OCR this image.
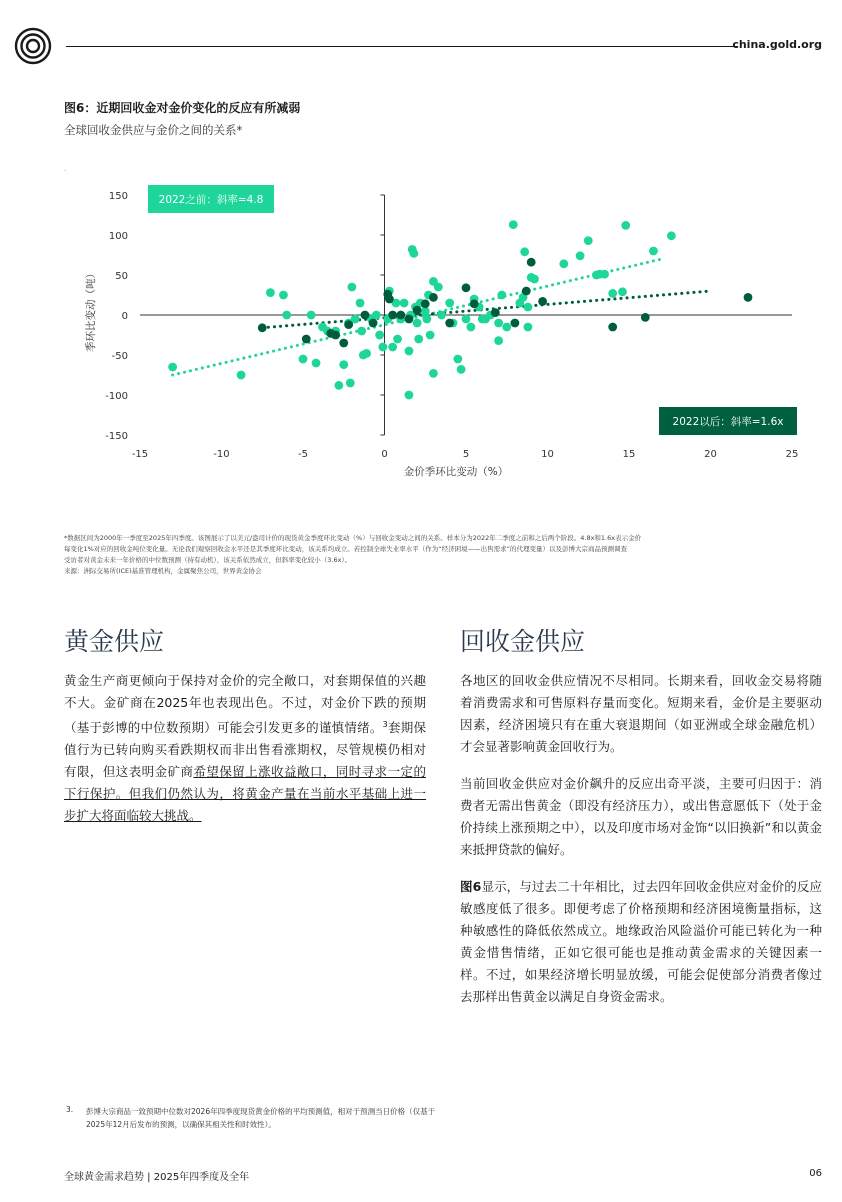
china.gold.org
图6：近期回收金对金价变化的反应有所减弱
全球回收金供应与金价之间的关系*
.
-15	-10	-5	0	5	10	15	20	25
150
100
50
0
-50
-100
-150
金价季环比变动（%）
季环比变动（吨）
2022之前：斜率=4.8
2022以后：斜率=1.6x
*数据区间为2000年一季度至2025年四季度。该图展示了以美元/盎司计价的现货黄金季度环比变动（%）与回收金变动之间的关系。样本分为2022年二季度之前和之后两个阶段。4.8x和1.6x表示金价
每变化1%对应的回收金吨位变化量。无论我们观察回收金水平还是其季度环比变动，该关系均成立。若控制全球失业率水平（作为“经济困境——出售需求”的代理变量）以及彭博大宗商品预测调查
受访者对黄金未来一年价格的中位数预测（持有动机），该关系依然成立，但斜率变化较小（3.6x）。
来源：洲际交易所(ICE)基准管理机构，金属聚焦公司，世界黄金协会
黄金供应

黄金生产商更倾向于保持对金价的完全敞口，对套期保值的兴趣不大。金矿商在2025年也表现出色。不过，对金价下跌的预期（基于彭博的中位数预期）可能会引发更多的谨慎情绪。$^3$套期保值行为已转向购买看跌期权而非出售看涨期权，尽管规模仍相对有限，但这表明金矿商希望保留上涨收益敞口，同时寻求一定的下行保护。但我们仍然认为，将黄金产量在当前水平基础上进一步扩大将面临较大挑战。

回收金供应

各地区的回收金供应情况不尽相同。长期来看，回收金交易将随着消费需求和可售原料存量而变化。短期来看，金价是主要驱动因素，经济困境只有在重大衰退期间（如亚洲或全球金融危机）才会显著影响黄金回收行为。

当前回收金供应对金价飙升的反应出奇平淡，主要可归因于：消费者无需出售黄金（即没有经济压力），或出售意愿低下（处于金价持续上涨预期之中），以及印度市场对金饰“以旧换新”和以黄金来抵押贷款的偏好。

图6显示，与过去二十年相比，过去四年回收金供应对金价的反应敏感度低了很多。即便考虑了价格预期和经济困境衡量指标，这种敏感性的降低依然成立。地缘政治风险溢价可能已转化为一种黄金惜售情绪，正如它很可能也是推动黄金需求的关键因素一样。不过，如果经济增长明显放缓，可能会促使部分消费者像过去那样出售黄金以满足自身资金需求。

3. 彭博大宗商品一致预期中位数对2026年四季度现货黄金价格的平均预测值，相对于预测当日价格（仅基于2025年12月后发布的预测，以确保其相关性和时效性）。
全球黄金需求趋势 | 2025年四季度及全年	06
